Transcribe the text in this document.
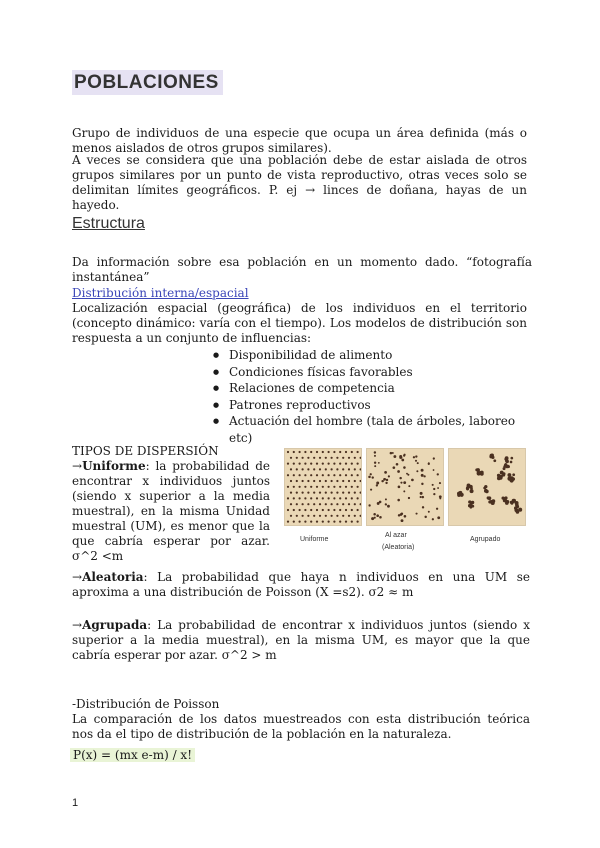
POBLACIONES
Grupo de individuos de una especie que ocupa un área definida (más o menos aislados de otros grupos similares).
A veces se considera que una población debe de estar aislada de otros grupos similares por un punto de vista reproductivo, otras veces solo se delimitan límites geográficos. P. ej → linces de doñana, hayas de un hayedo.
Estructura
Da información sobre esa población en un momento dado. “fotografía instantánea”
Distribución interna/espacial
Localización espacial (geográfica) de los individuos en el territorio (concepto dinámico: varía con el tiempo). Los modelos de distribución son respuesta a un conjunto de influencias:
● Disponibilidad de alimento
● Condiciones físicas favorables
● Relaciones de competencia
● Patrones reproductivos
● Actuación del hombre (tala de árboles, laboreo etc)
TIPOS DE DISPERSIÓN
→Uniforme: la probabilidad de encontrar x individuos juntos (siendo x superior a la media muestral), en la misma Unidad muestral (UM), es menor que la que cabría esperar por azar. σ^2 <m
Uniforme
Al azar
(Aleatoria)
Agrupado
→Aleatoria: La probabilidad que haya n individuos en una UM se aproxima a una distribución de Poisson (X =s2). σ2 ≈ m
→Agrupada: La probabilidad de encontrar x individuos juntos (siendo x superior a la media muestral), en la misma UM, es mayor que la que cabría esperar por azar. σ^2 > m
-Distribución de Poisson
La comparación de los datos muestreados con esta distribución teórica nos da el tipo de distribución de la población en la naturaleza.
P(x) = (mx e-m) / x!
1
